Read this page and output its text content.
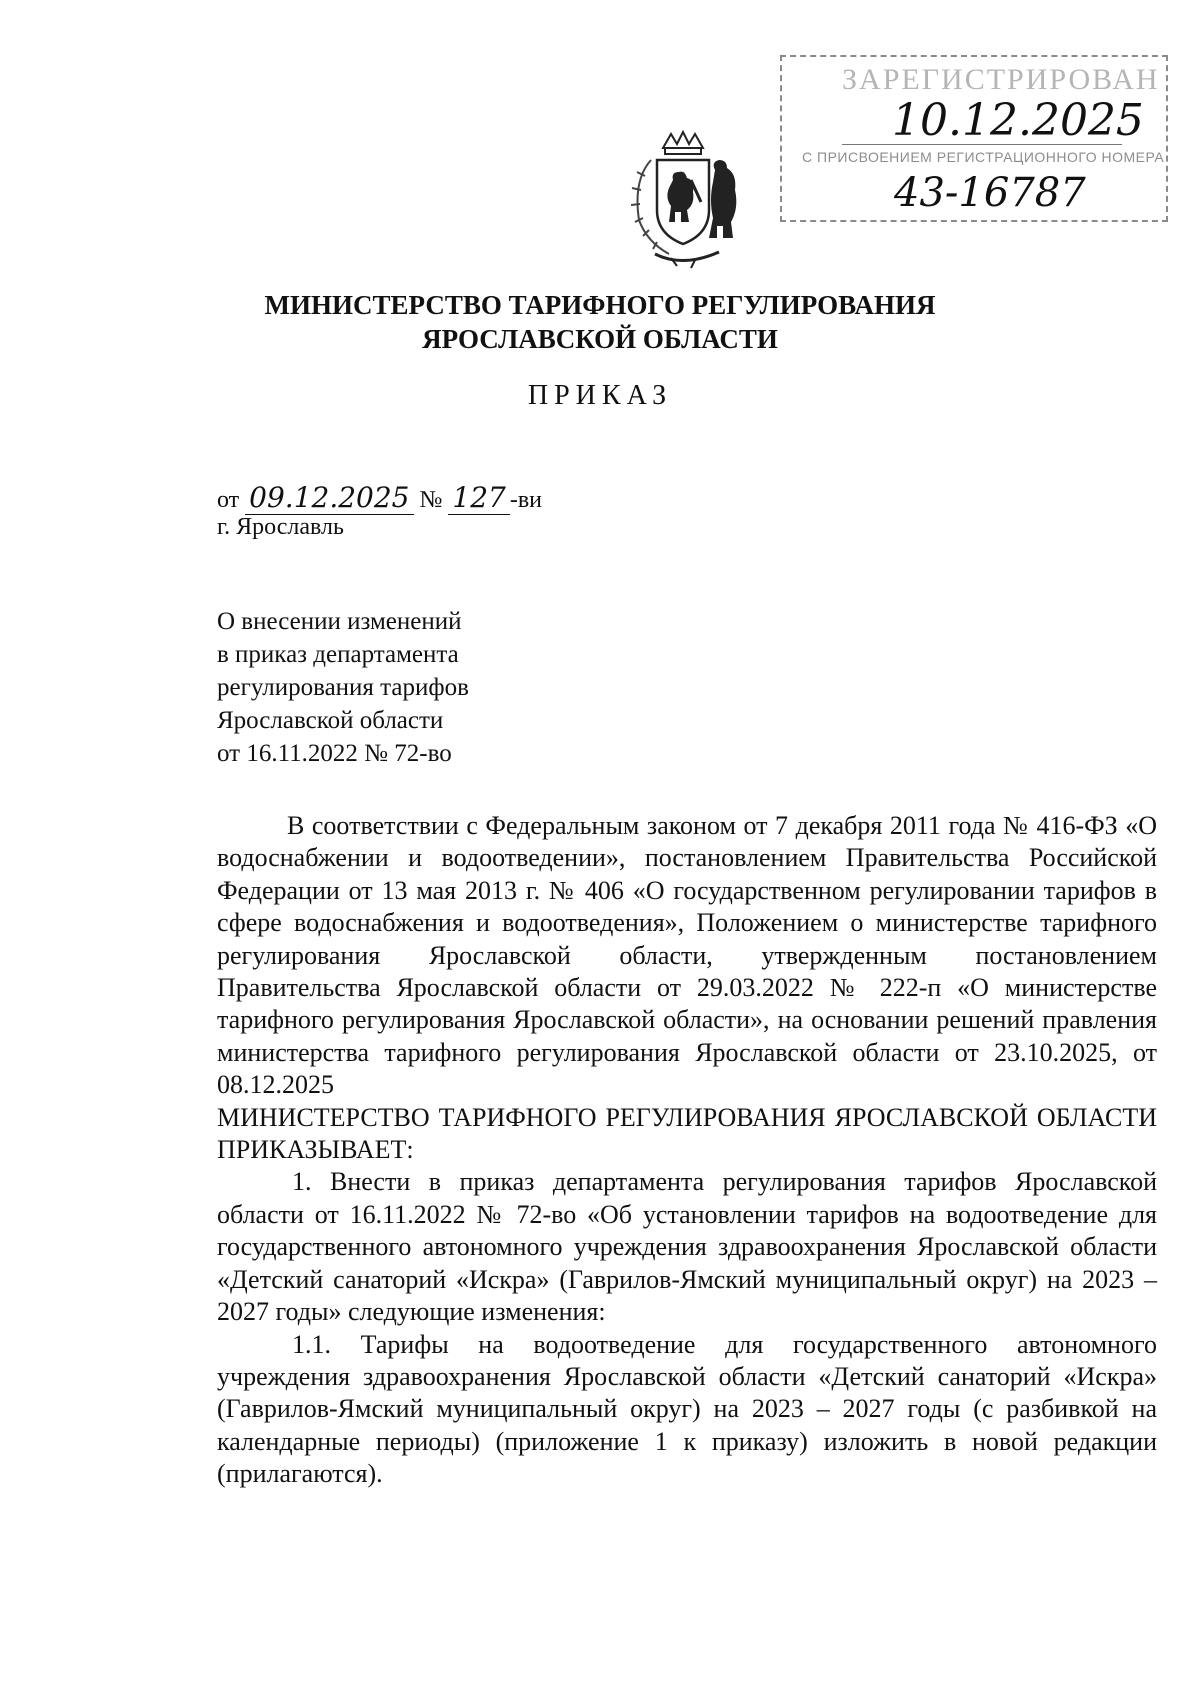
ЗАРЕГИСТРИРОВАН
10.12.2025
С ПРИСВОЕНИЕМ РЕГИСТРАЦИОННОГО НОМЕРА
43-16787
МИНИСТЕРСТВО ТАРИФНОГО РЕГУЛИРОВАНИЯ
ЯРОСЛАВСКОЙ ОБЛАСТИ
ПРИКАЗ
от 09.12.2025 № 127 -ви
г. Ярославль
О внесении изменений
в приказ департамента
регулирования тарифов
Ярославской области
от 16.11.2022 № 72-во

В соответствии с Федеральным законом от 7 декабря 2011 года № 416-ФЗ «О водоснабжении и водоотведении», постановлением Правительства Российской Федерации от 13 мая 2013 г. № 406 «О государственном регулировании тарифов в сфере водоснабжения и водоотведения», Положением о министерстве тарифного регулирования Ярославской области, утвержденным постановлением Правительства Ярославской области от 29.03.2022 № 222-п «О министерстве тарифного регулирования Ярославской области», на основании решений правления министерства тарифного регулирования Ярославской области от 23.10.2025, от 08.12.2025

МИНИСТЕРСТВО ТАРИФНОГО РЕГУЛИРОВАНИЯ ЯРОСЛАВСКОЙ ОБЛАСТИ ПРИКАЗЫВАЕТ:

1. Внести в приказ департамента регулирования тарифов Ярославской области от 16.11.2022 № 72-во «Об установлении тарифов на водоотведение для государственного автономного учреждения здравоохранения Ярославской области «Детский санаторий «Искра» (Гаврилов-Ямский муниципальный округ) на 2023 – 2027 годы» следующие изменения:

1.1. Тарифы на водоотведение для государственного автономного учреждения здравоохранения Ярославской области «Детский санаторий «Искра» (Гаврилов-Ямский муниципальный округ) на 2023 – 2027 годы (с разбивкой на календарные периоды) (приложение 1 к приказу) изложить в новой редакции (прилагаются).
